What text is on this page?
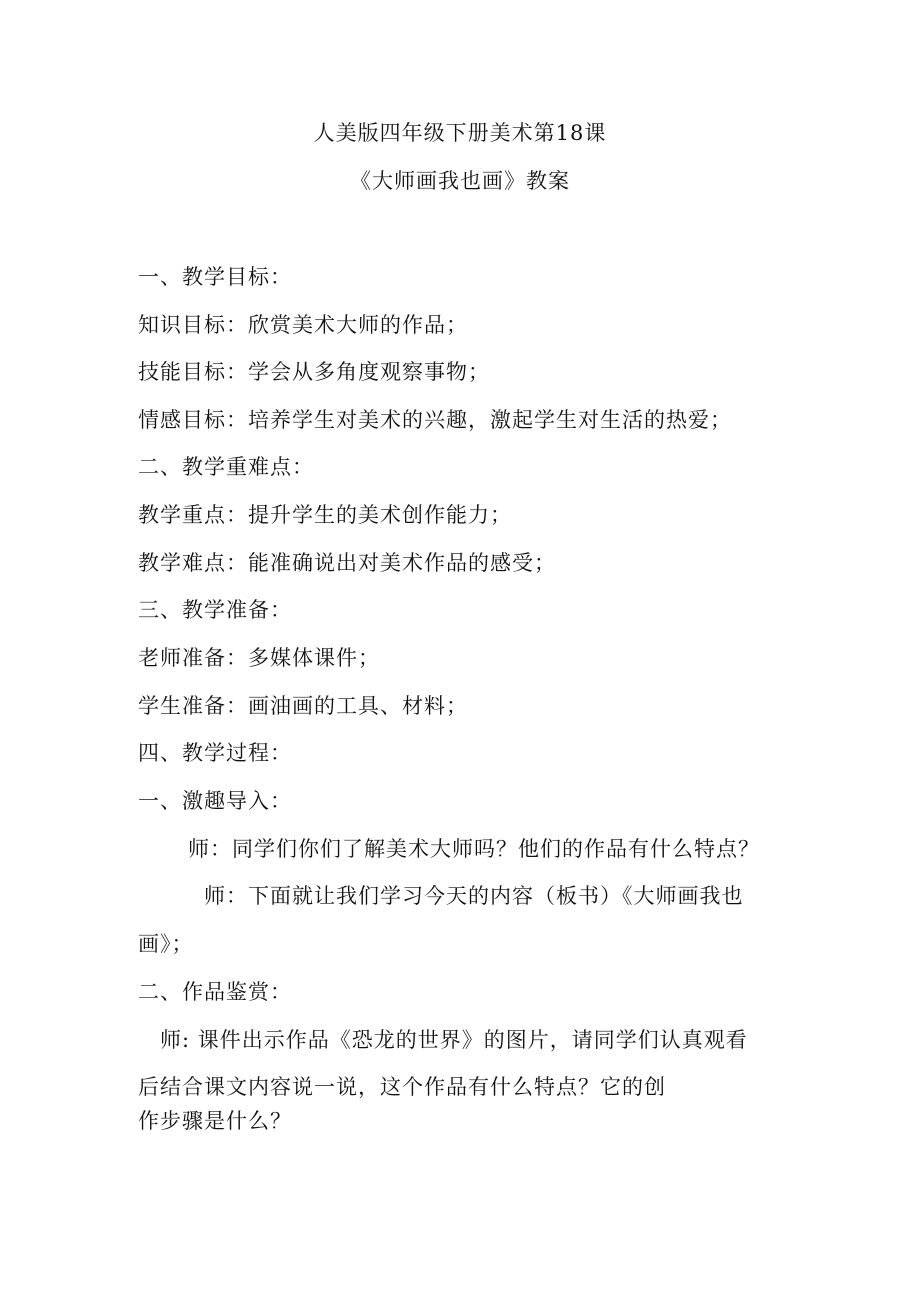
人美版四年级下册美术第18课
《大师画我也画》教案
一、教学目标：
知识目标：欣赏美术大师的作品；
技能目标：学会从多角度观察事物；
情感目标：培养学生对美术的兴趣，激起学生对生活的热爱；
二、教学重难点：
教学重点：提升学生的美术创作能力；
教学难点：能准确说出对美术作品的感受；
三、教学准备：
老师准备：多媒体课件；
学生准备：画油画的工具、材料；
四、教学过程：
一、激趣导入：
师：同学们你们了解美术大师吗？他们的作品有什么特点？
师：下面就让我们学习今天的内容（板书）《大师画我也
画》；
二、作品鉴赏：
师: 课件出示作品《恐龙的世界》的图片，请同学们认真观看
后结合课文内容说一说，这个作品有什么特点？它的创
作步骤是什么？
